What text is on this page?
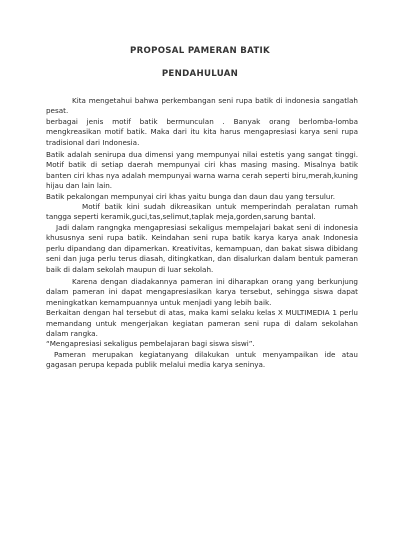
PROPOSAL PAMERAN BATIK
PENDAHULUAN

Kita mengetahui bahwa perkembangan seni rupa batik di indonesia sangatlah pesat.

berbagai jenis motif batik bermunculan . Banyak orang berlomba-lomba mengkreasikan motif batik. Maka dari itu kita harus mengapresiasi karya seni rupa tradisional dari Indonesia.

Batik adalah senirupa dua dimensi yang mempunyai nilai estetis yang sangat tinggi. Motif batik di setiap daerah mempunyai ciri khas masing masing. Misalnya batik banten ciri khas nya adalah mempunyai warna warna cerah seperti biru,merah,kuning hijau dan lain lain.

Batik pekalongan mempunyai ciri khas yaitu bunga dan daun dau yang tersulur.

Motif batik kini sudah dikreasikan untuk memperindah peralatan rumah tangga seperti keramik,guci,tas,selimut,taplak meja,gorden,sarung bantal.

Jadi dalam rangngka mengapresiasi sekaligus mempelajari bakat seni di indonesia khususnya seni rupa batik. Keindahan seni rupa batik karya karya anak Indonesia perlu dipandang dan dipamerkan. Kreativitas, kemampuan, dan bakat siswa dibidang seni dan juga perlu terus diasah, ditingkatkan, dan disalurkan dalam bentuk pameran baik di dalam sekolah maupun di luar sekolah.

Karena dengan diadakannya pameran ini diharapkan orang yang berkunjung dalam pameran ini dapat mengapresiasikan karya tersebut, sehingga siswa dapat meningkatkan kemampuannya untuk menjadi yang lebih baik.

Berkaitan dengan hal tersebut di atas, maka kami selaku kelas X MULTIMEDIA 1 perlu memandang untuk mengerjakan kegiatan pameran seni rupa di dalam sekolahan dalam rangka.

“Mengapresiasi sekaligus pembelajaran bagi siswa siswi”.

Pameran merupakan kegiatanyang dilakukan untuk menyampaikan ide atau gagasan perupa kepada publik melalui media karya seninya.
